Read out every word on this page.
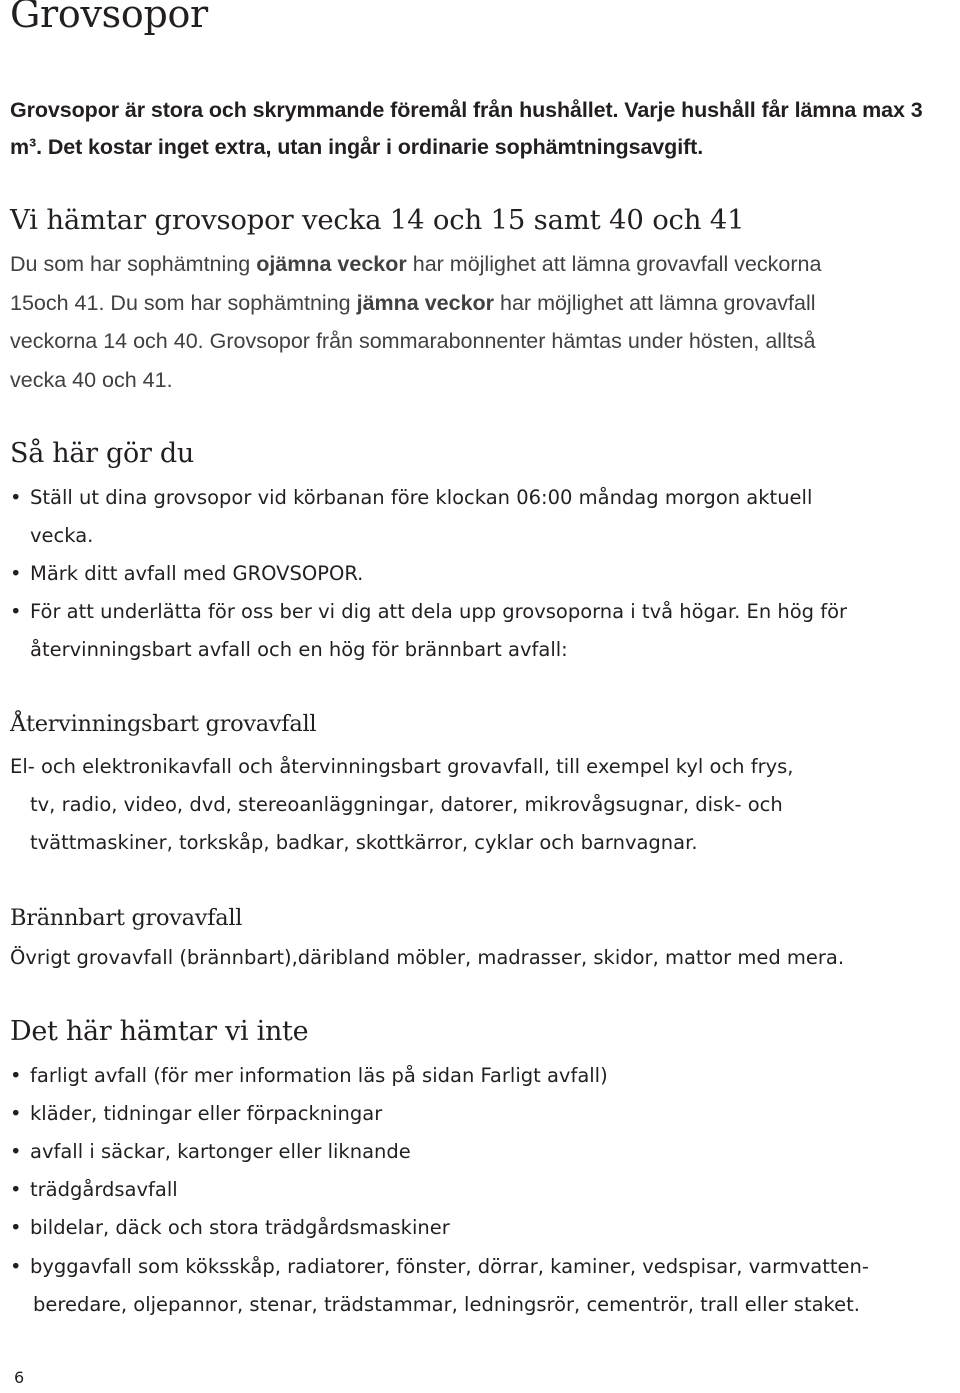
Grovsopor
Grovsopor är stora och skrymmande föremål från hushållet. Varje hushåll får lämna max 3 m³. Det kostar inget extra, utan ingår i ordinarie sophämtningsavgift.
Vi hämtar grovsopor vecka 14 och 15 samt 40 och 41
Du som har sophämtning ojämna veckor har möjlighet att lämna grovavfall veckorna
15och 41. Du som har sophämtning jämna veckor har möjlighet att lämna grovavfall
veckorna 14 och 40. Grovsopor från sommarabonnenter hämtas under hösten, alltså
vecka 40 och 41.
Så här gör du
• Ställ ut dina grovsopor vid körbanan före klockan 06:00 måndag morgon aktuell
vecka.
• Märk ditt avfall med GROVSOPOR.
• För att underlätta för oss ber vi dig att dela upp grovsoporna i två högar. En hög för
återvinningsbart avfall och en hög för brännbart avfall:
Återvinningsbart grovavfall
El- och elektronikavfall och återvinningsbart grovavfall, till exempel kyl och frys,
tv, radio, video, dvd, stereoanläggningar, datorer, mikrovågsugnar, disk- och
tvättmaskiner, torkskåp, badkar, skottkärror, cyklar och barnvagnar.
Brännbart grovavfall
Övrigt grovavfall (brännbart),däribland möbler, madrasser, skidor, mattor med mera.
Det här hämtar vi inte
• farligt avfall (för mer information läs på sidan Farligt avfall)
• kläder, tidningar eller förpackningar
• avfall i säckar, kartonger eller liknande
• trädgårdsavfall
• bildelar, däck och stora trädgårdsmaskiner
• byggavfall som köksskåp, radiatorer, fönster, dörrar, kaminer, vedspisar, varmvatten-
beredare, oljepannor, stenar, trädstammar, ledningsrör, cementrör, trall eller staket.
6
